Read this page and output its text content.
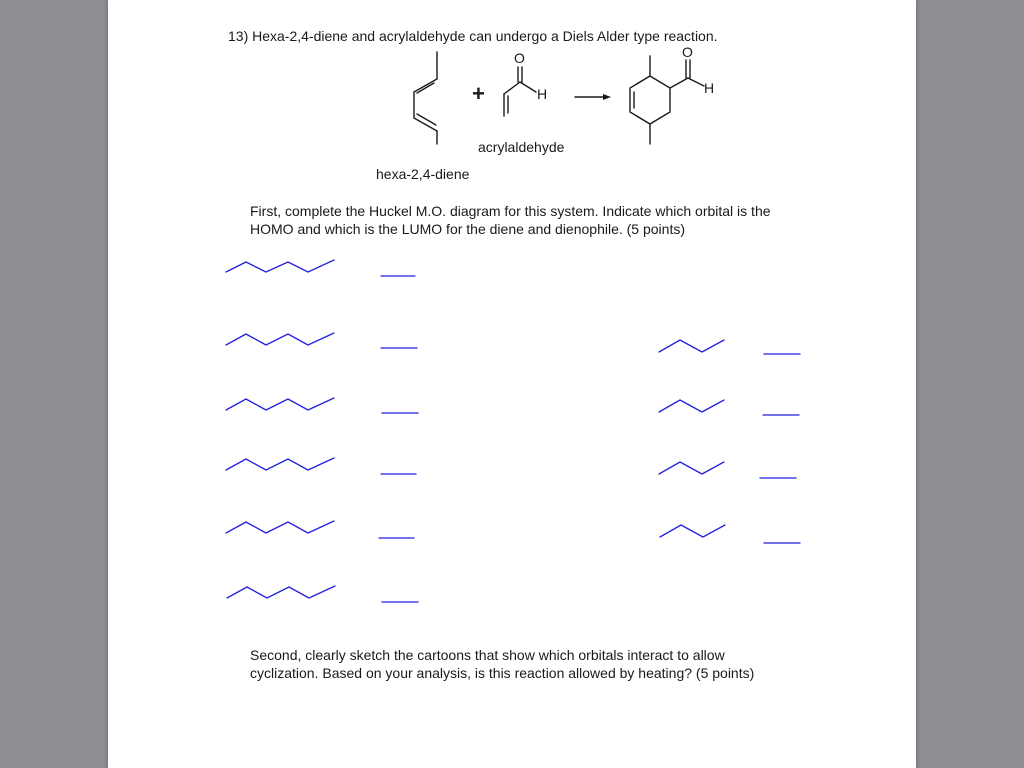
13) Hexa-2,4-diene and acrylaldehyde can undergo a Diels Alder type reaction.
+
O
H
O
H
acrylaldehyde
hexa-2,4-diene
First, complete the Huckel M.O. diagram for this system. Indicate which orbital is the
HOMO and which is the LUMO for the diene and dienophile. (5 points)
Second, clearly sketch the cartoons that show which orbitals interact to allow
cyclization. Based on your analysis, is this reaction allowed by heating? (5 points)
